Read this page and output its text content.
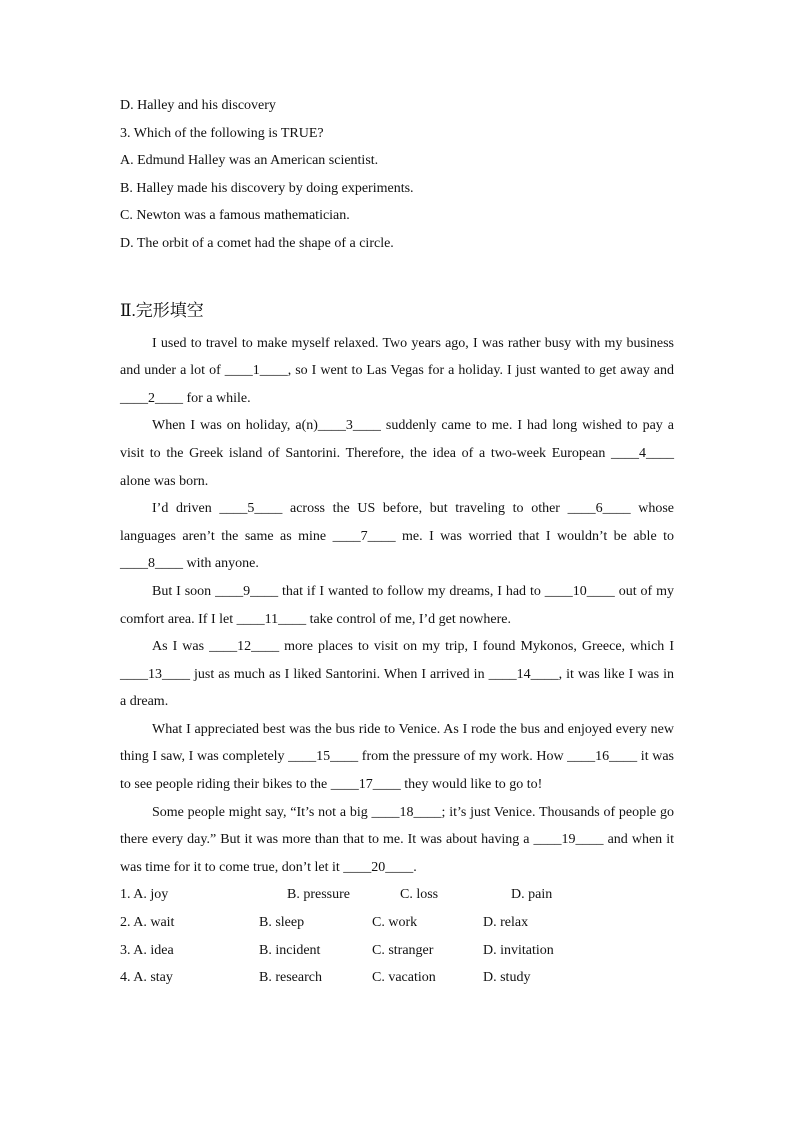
D. Halley and his discovery
3. Which of the following is TRUE?
A. Edmund Halley was an American scientist.
B. Halley made his discovery by doing experiments.
C. Newton was a famous mathematician.
D. The orbit of a comet had the shape of a circle.
Ⅱ.完形填空

I used to travel to make myself relaxed. Two years ago, I was rather busy with my business and under a lot of ____1____, so I went to Las Vegas for a holiday. I just wanted to get away and ____2____ for a while.

When I was on holiday, a(n)____3____ suddenly came to me. I had long wished to pay a visit to the Greek island of Santorini. Therefore, the idea of a two-week European ____4____ alone was born.

I’d driven ____5____ across the US before, but traveling to other ____6____ whose languages aren’t the same as mine ____7____ me. I was worried that I wouldn’t be able to ____8____ with anyone.

But I soon ____9____ that if I wanted to follow my dreams, I had to ____10____ out of my comfort area. If I let ____11____ take control of me, I’d get nowhere.

As I was ____12____ more places to visit on my trip, I found Mykonos, Greece, which I ____13____ just as much as I liked Santorini. When I arrived in ____14____, it was like I was in a dream.

What I appreciated best was the bus ride to Venice. As I rode the bus and enjoyed every new thing I saw, I was completely ____15____ from the pressure of my work. How ____16____ it was to see people riding their bikes to the ____17____ they would like to go to!

Some people might say, “It’s not a big ____18____; it’s just Venice. Thousands of people go there every day.” But it was more than that to me. It was about having a ____19____ and when it was time for it to come true, don’t let it ____20____.

1. A. joy	B. pressure	C. loss	D. pain
2. A. wait	B. sleep	C. work	D. relax
3. A. idea	B. incident	C. stranger	D. invitation
4. A. stay	B. research	C. vacation	D. study
